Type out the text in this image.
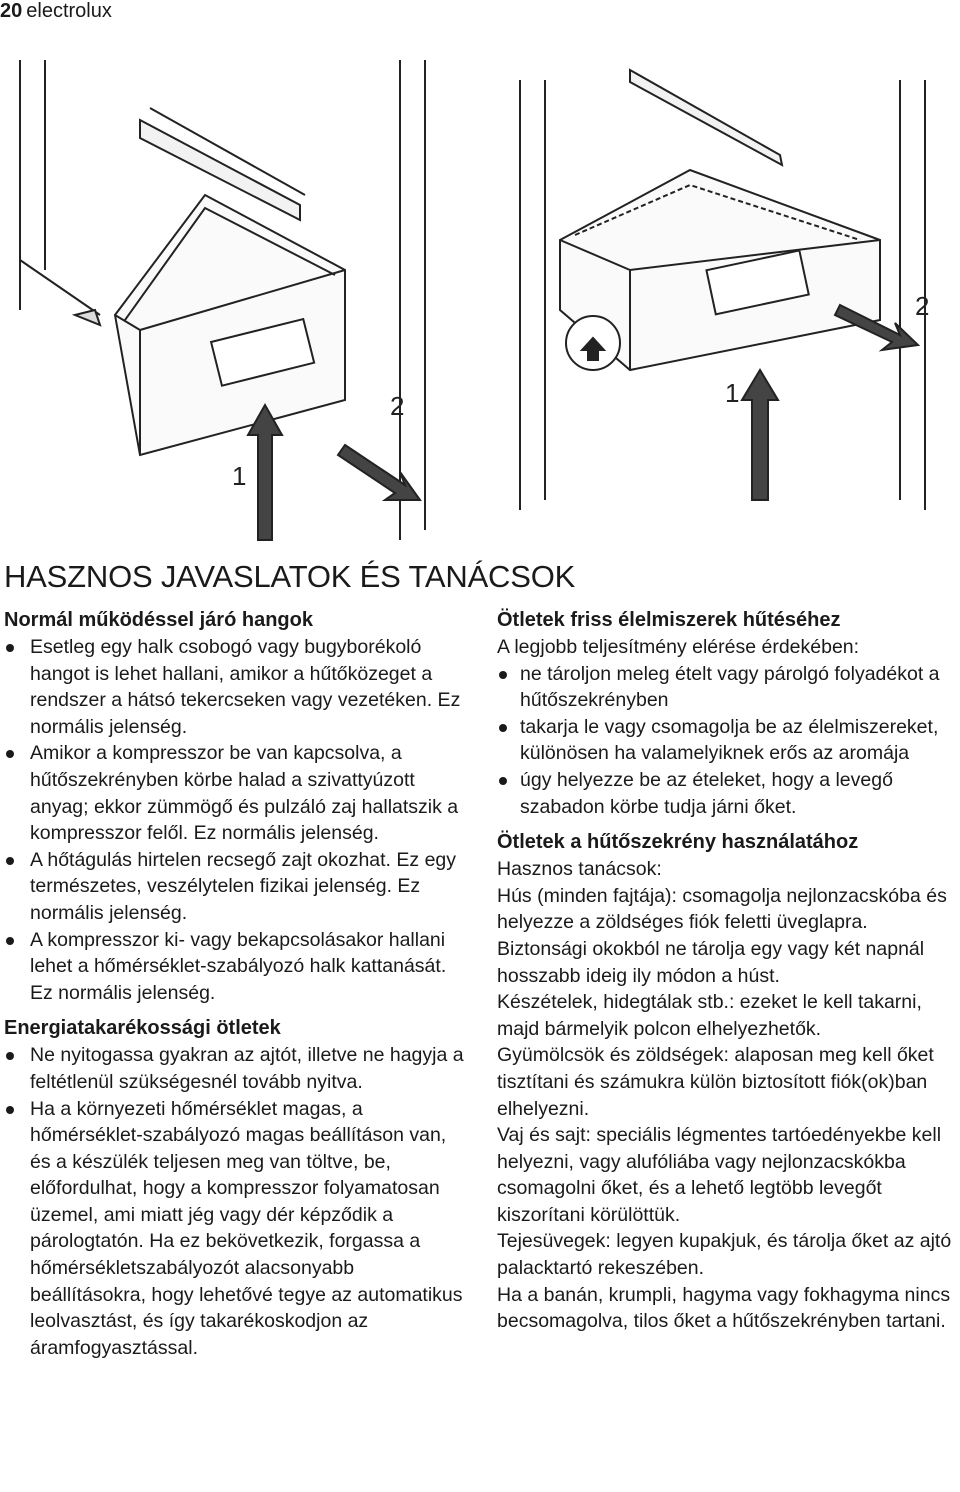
20 electrolux
1
2	1
2
HASZNOS JAVASLATOK ÉS TANÁCSOK
Normál működéssel járó hangok
Esetleg egy halk csobogó vagy bugyborékoló hangot is lehet hallani, amikor a hűtőközeget a rendszer a hátsó tekercseken vagy vezetéken. Ez normális jelenség.
Amikor a kompresszor be van kapcsolva, a hűtőszekrényben körbe halad a szivattyúzott anyag; ekkor zümmögő és pulzáló zaj hallatszik a kompresszor felől. Ez normális jelenség.
A hőtágulás hirtelen recsegő zajt okozhat. Ez egy természetes, veszélytelen fizikai jelenség. Ez normális jelenség.
A kompresszor ki- vagy bekapcsolásakor hallani lehet a hőmérséklet-szabályozó halk kattanását. Ez normális jelenség.
Energiatakarékossági ötletek
Ne nyitogassa gyakran az ajtót, illetve ne hagyja a feltétlenül szükségesnél tovább nyitva.
Ha a környezeti hőmérséklet magas, a hőmérséklet-szabályozó magas beállításon van, és a készülék teljesen meg van töltve, be, előfordulhat, hogy a kompresszor folyamatosan üzemel, ami miatt jég vagy dér képződik a párologtatón. Ha ez bekövetkezik, forgassa a hőmérsékletszabályozót alacsonyabb beállításokra, hogy lehetővé tegye az automatikus leolvasztást, és így takarékoskodjon az áramfogyasztással.
Ötletek friss élelmiszerek hűtéséhez

A legjobb teljesítmény elérése érdekében:

ne tároljon meleg ételt vagy párolgó folyadékot a hűtőszekrényben
takarja le vagy csomagolja be az élelmiszereket, különösen ha valamelyiknek erős az aromája
úgy helyezze be az ételeket, hogy a levegő szabadon körbe tudja járni őket.
Ötletek a hűtőszekrény használatához

Hasznos tanácsok:

Hús (minden fajtája): csomagolja nejlonzacskóba és helyezze a zöldséges fiók feletti üveglapra.

Biztonsági okokból ne tárolja egy vagy két napnál hosszabb ideig ily módon a húst.

Készételek, hidegtálak stb.: ezeket le kell takarni, majd bármelyik polcon elhelyezhetők.

Gyümölcsök és zöldségek: alaposan meg kell őket tisztítani és számukra külön biztosított fiók(ok)ban elhelyezni.

Vaj és sajt: speciális légmentes tartóedényekbe kell helyezni, vagy alufóliába vagy nejlonzacskókba csomagolni őket, és a lehető legtöbb levegőt kiszorítani körülöttük.

Tejesüvegek: legyen kupakjuk, és tárolja őket az ajtó palacktartó rekeszében.

Ha a banán, krumpli, hagyma vagy fokhagyma nincs becsomagolva, tilos őket a hűtőszekrényben tartani.
